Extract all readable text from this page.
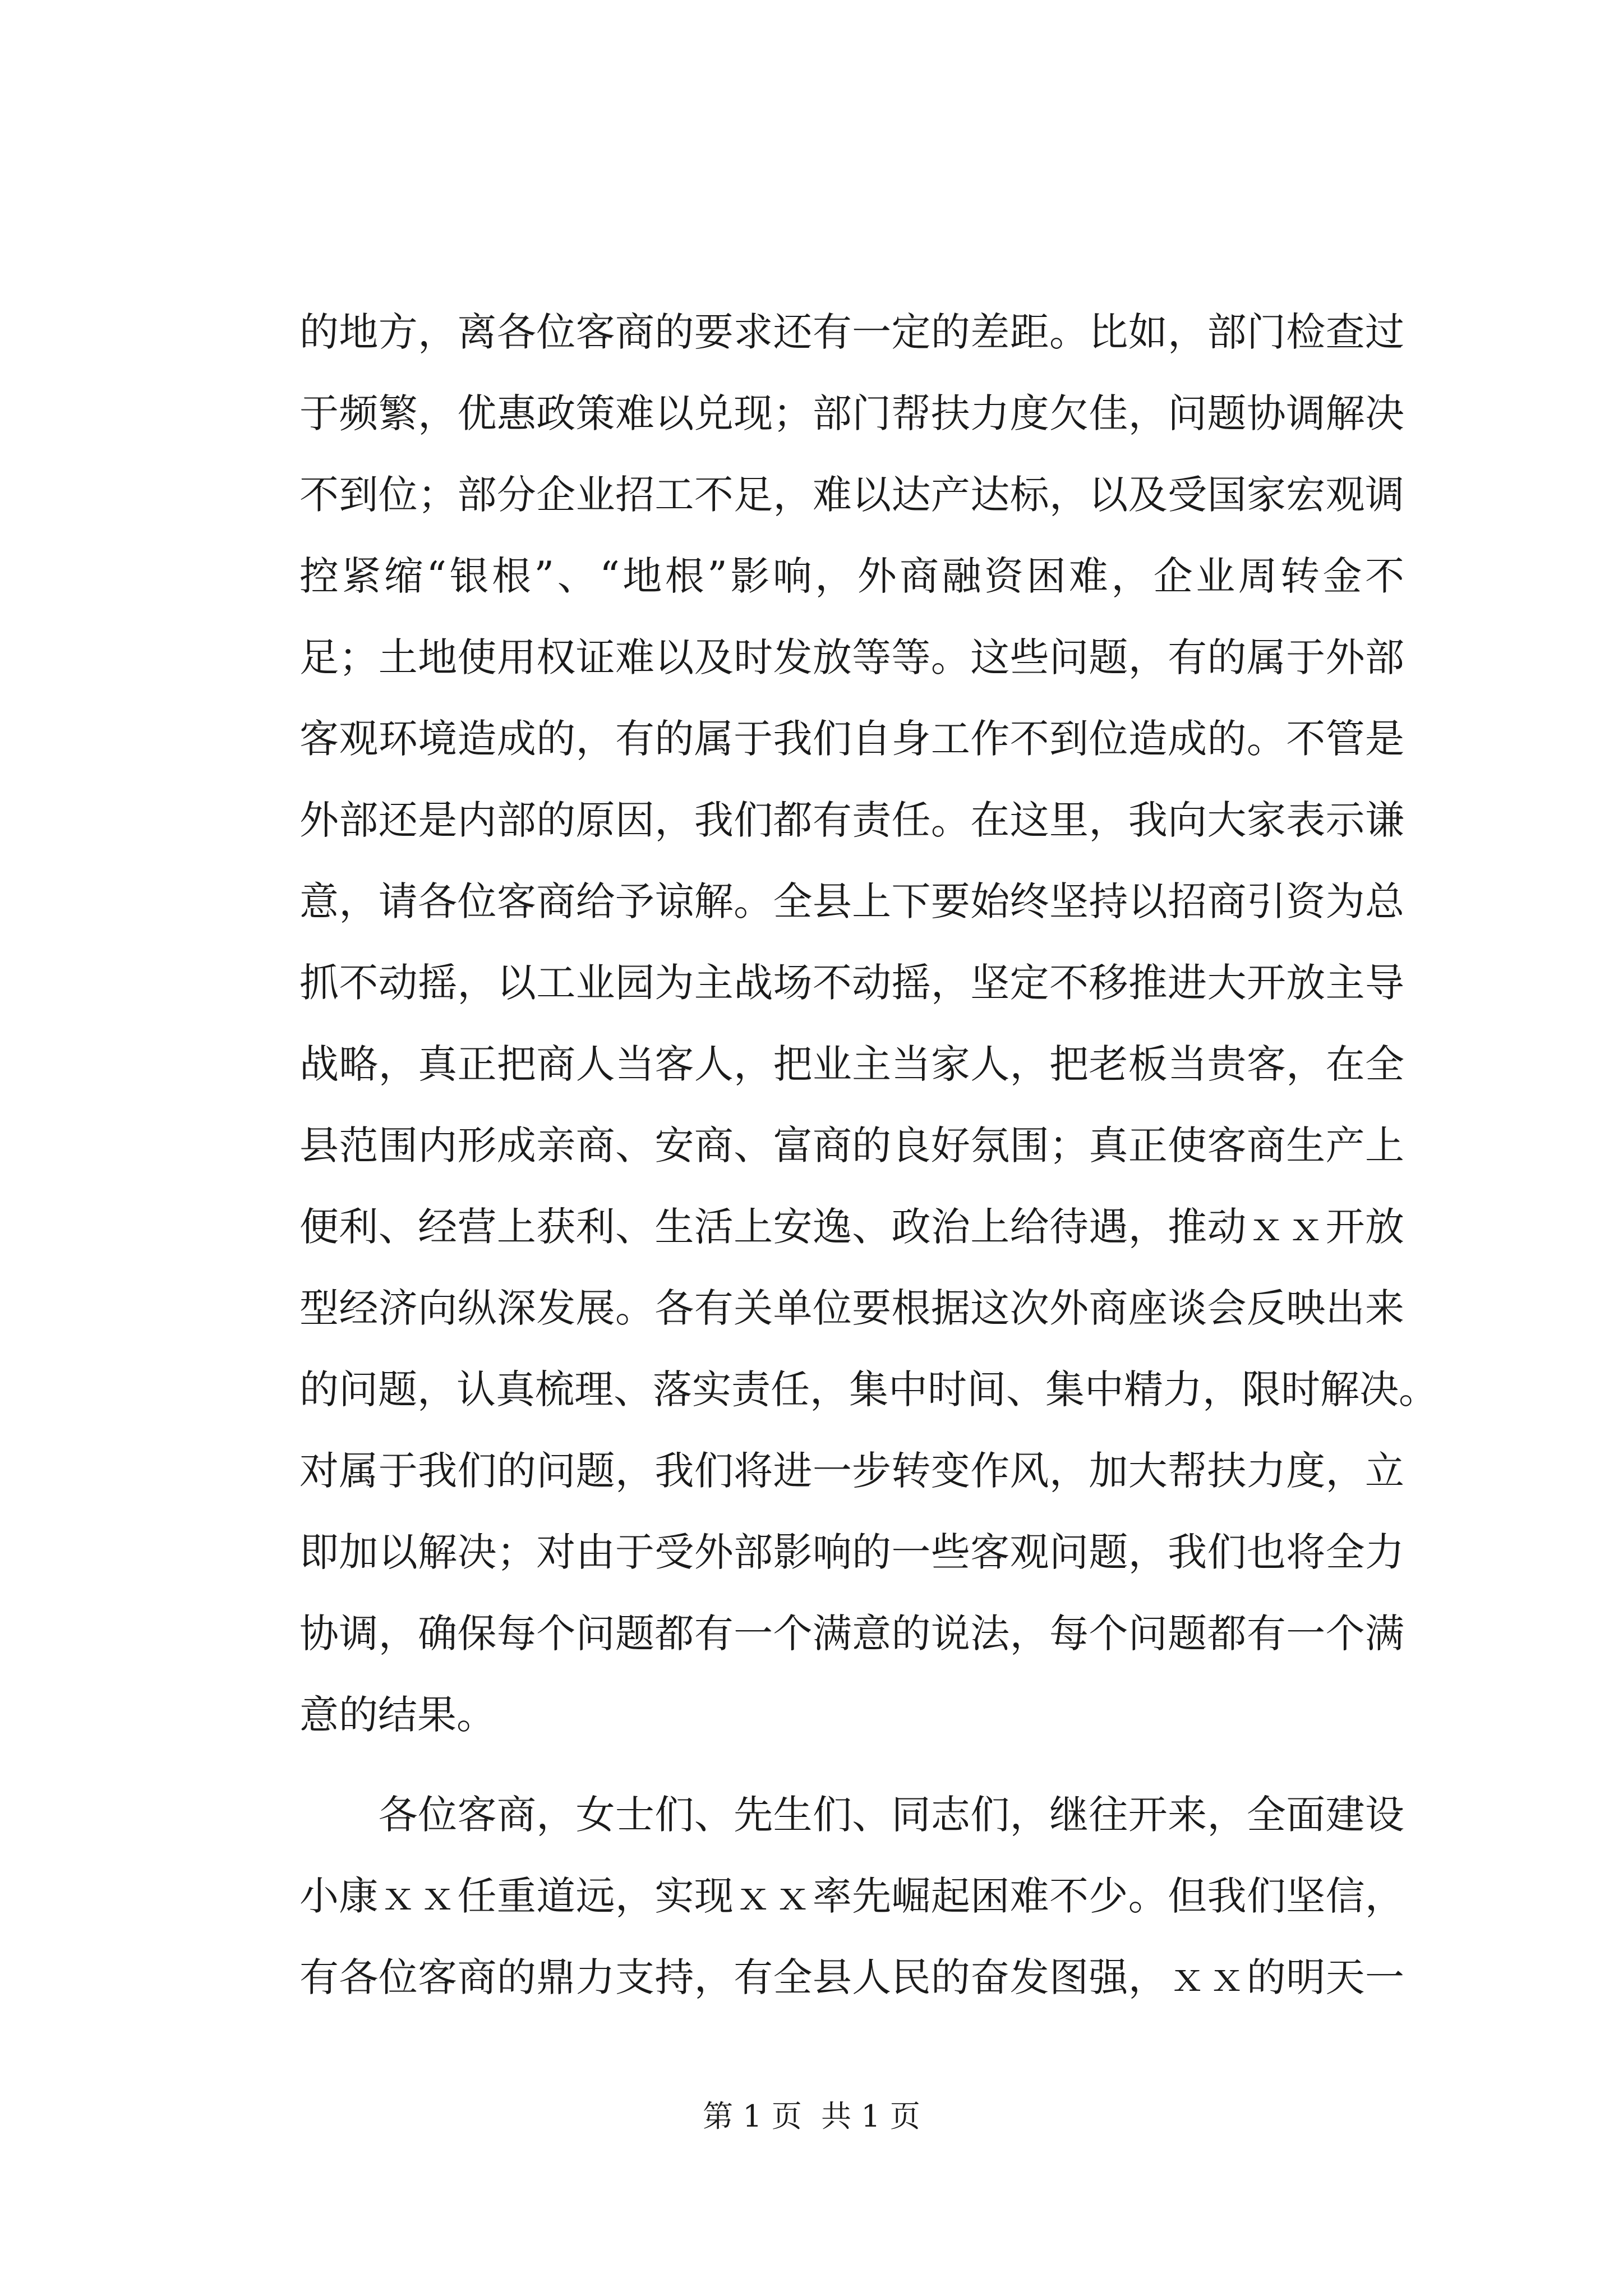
的地方，离各位客商的要求还有一定的差距。比如，部门检查过
于频繁，优惠政策难以兑现；部门帮扶力度欠佳，问题协调解决
不到位；部分企业招工不足，难以达产达标，以及受国家宏观调
控紧缩“银根”、“地根”影响，外商融资困难，企业周转金不
足；土地使用权证难以及时发放等等。这些问题，有的属于外部
客观环境造成的，有的属于我们自身工作不到位造成的。不管是
外部还是内部的原因，我们都有责任。在这里，我向大家表示谦
意，请各位客商给予谅解。全县上下要始终坚持以招商引资为总
抓不动摇，以工业园为主战场不动摇，坚定不移推进大开放主导
战略，真正把商人当客人，把业主当家人，把老板当贵客，在全
县范围内形成亲商、安商、富商的良好氛围；真正使客商生产上
便利、经营上获利、生活上安逸、政治上给待遇，推动ｘｘ开放
型经济向纵深发展。各有关单位要根据这次外商座谈会反映出来
的问题，认真梳理、落实责任，集中时间、集中精力，限时解决。
对属于我们的问题，我们将进一步转变作风，加大帮扶力度，立
即加以解决；对由于受外部影响的一些客观问题，我们也将全力
协调，确保每个问题都有一个满意的说法，每个问题都有一个满
意的结果。
　　各位客商，女士们、先生们、同志们，继往开来，全面建设
小康ｘｘ任重道远，实现ｘｘ率先崛起困难不少。但我们坚信，
有各位客商的鼎力支持，有全县人民的奋发图强，ｘｘ的明天一
第 1 页  共 1 页
